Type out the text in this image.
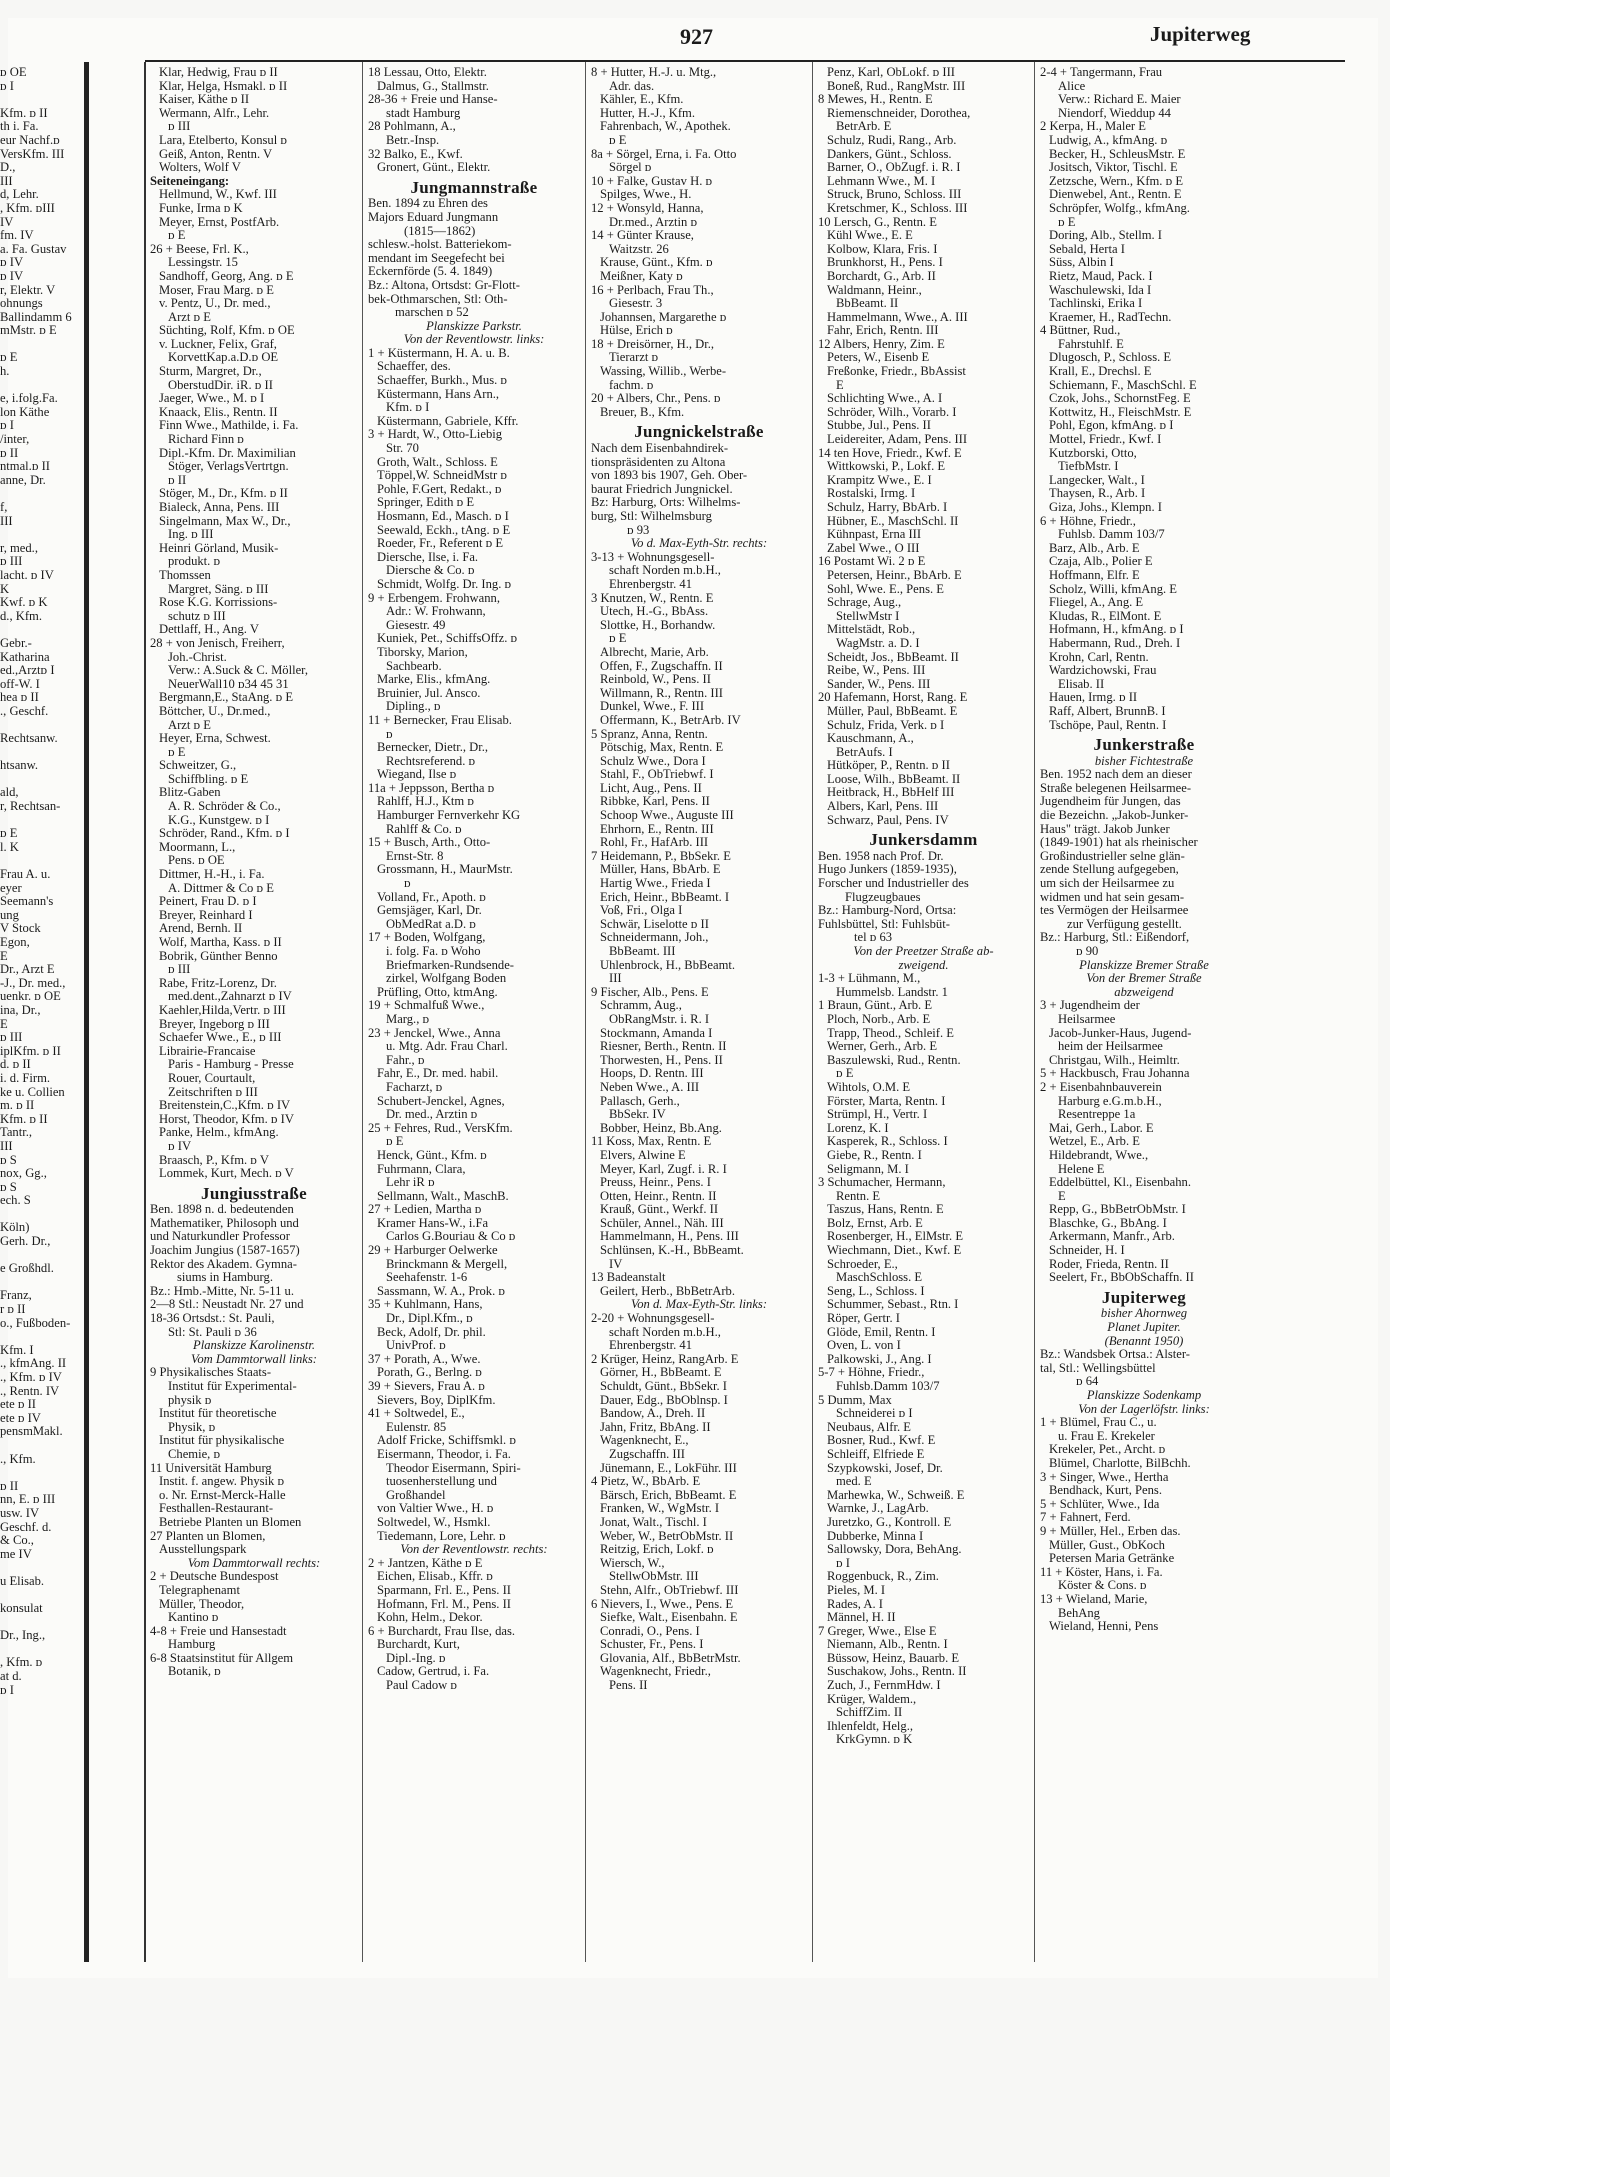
ᴅ OE
ᴅ I

Kfm. ᴅ II
th i. Fa.
eur Nachf.ᴅ
VersKfm. III
D.,
III
d, Lehr.
, Kfm. ᴅIII
IV
fm. IV
a. Fa. Gustav
ᴅ IV
ᴅ IV
r, Elektr. V
ohnungs
Ballindamm 6
mMstr. ᴅ E

ᴅ E
h.

e, i.folg.Fa.
lon Käthe
ᴅ I
/inter,
ᴅ II
ntmal.ᴅ II
anne, Dr.

f,
III

r, med.,
ᴅ III
lacht. ᴅ IV
K
Kwf. ᴅ K
d., Kfm.

Gebr.-
Katharina
ed.,Arztᴅ I
off-W. I
hea ᴅ II
., Geschf.

Rechtsanw.

htsanw.

ald,
r, Rechtsan-

ᴅ E
l. K

Frau A. u.
eyer
Seemann's
ung
V Stock
Egon,
E
Dr., Arzt E
-J., Dr. med.,
uenkr. ᴅ OE
ina, Dr.,
E
ᴅ III
iplKfm. ᴅ II
d. ᴅ II
i. d. Firm.
ke u. Collien
m. ᴅ II
Kfm. ᴅ II
Tantr.,
III
ᴅ S
nox, Gg.,
ᴅ S
ech. S

Köln)
Gerh. Dr.,

e Großhdl.

Franz,
r ᴅ II
o., Fußboden-

Kfm. I
., kfmAng. II
., Kfm. ᴅ IV
., Rentn. IV
ete ᴅ II
ete ᴅ IV
pensmMakl.

., Kfm.

ᴅ II
nn, E. ᴅ III
usw. IV
Geschf. d.
& Co.,
me IV

u Elisab.

konsulat

Dr., Ing.,

, Kfm. ᴅ
at d.
ᴅ I
927	Jupiterweg
Klar, Hedwig, Frau ᴅ II
Klar, Helga, Hsmakl. ᴅ II
Kaiser, Käthe ᴅ II
Wermann, Alfr., Lehr.
ᴅ III
Lara, Etelberto, Konsul ᴅ
Geiß, Anton, Rentn. V
Wolters, Wolf V
Seiteneingang:
Hellmund, W., Kwf. III
Funke, Irma ᴅ K
Meyer, Ernst, PostfArb.
ᴅ E
26 + Beese, Frl. K.,
Lessingstr. 15
Sandhoff, Georg, Ang. ᴅ E
Moser, Frau Marg. ᴅ E
v. Pentz, U., Dr. med.,
Arzt ᴅ E
Süchting, Rolf, Kfm. ᴅ OE
v. Luckner, Felix, Graf,
KorvettKap.a.D.ᴅ OE
Sturm, Margret, Dr.,
OberstudDir. iR. ᴅ II
Jaeger, Wwe., M. ᴅ I
Knaack, Elis., Rentn. II
Finn Wwe., Mathilde, i. Fa.
Richard Finn ᴅ
Dipl.-Kfm. Dr. Maximilian
Stöger, VerlagsVertrtgn.
ᴅ II
Stöger, M., Dr., Kfm. ᴅ II
Bialeck, Anna, Pens. III
Singelmann, Max W., Dr.,
Ing. ᴅ III
Heinri Görland, Musik-
produkt. ᴅ
Thomssen
Margret, Säng. ᴅ III
Rose K.G. Korrissions-
schutz ᴅ III
Dettlaff, H., Ang. V
28 + von Jenisch, Freiherr,
Joh.-Christ.
Verw.: A.Suck & C. Möller,
NeuerWall10 ᴅ34 45 31
Bergmann,E., StaAng. ᴅ E
Böttcher, U., Dr.med.,
Arzt ᴅ E
Heyer, Erna, Schwest.
ᴅ E
Schweitzer, G.,
Schiffbling. ᴅ E
Blitz-Gaben
A. R. Schröder & Co.,
K.G., Kunstgew. ᴅ I
Schröder, Rand., Kfm. ᴅ I
Moormann, L.,
Pens. ᴅ OE
Dittmer, H.-H., i. Fa.
A. Dittmer & Co ᴅ E
Peinert, Frau D. ᴅ I
Breyer, Reinhard I
Arend, Bernh. II
Wolf, Martha, Kass. ᴅ II
Bobrik, Günther Benno
ᴅ III
Rabe, Fritz-Lorenz, Dr.
med.dent.,Zahnarzt ᴅ IV
Kaehler,Hilda,Vertr. ᴅ III
Breyer, Ingeborg ᴅ III
Schaefer Wwe., E., ᴅ III
Librairie-Francaise
Paris - Hamburg - Presse
Rouer, Courtault,
Zeitschriften ᴅ III
Breitenstein,C.,Kfm. ᴅ IV
Horst, Theodor, Kfm. ᴅ IV
Panke, Helm., kfmAng.
ᴅ IV
Braasch, P., Kfm. ᴅ V
Lommek, Kurt, Mech. ᴅ V
Jungiusstraße
Ben. 1898 n. d. bedeutenden
Mathematiker, Philosoph und
und Naturkundler Professor
Joachim Jungius (1587-1657)
Rektor des Akadem. Gymna-
siums in Hamburg.
Bz.: Hmb.-Mitte, Nr. 5-11 u.
2—8 Stl.: Neustadt Nr. 27 und
18-36 Ortsdst.: St. Pauli,
Stl: St. Pauli ᴅ 36
Planskizze Karolinenstr.
Vom Dammtorwall links:
9 Physikalisches Staats-
Institut für Experimental-
physik ᴅ
Institut für theoretische
Physik, ᴅ
Institut für physikalische
Chemie, ᴅ
11 Universität Hamburg
Instit. f. angew. Physik ᴅ
o. Nr. Ernst-Merck-Halle
Festhallen-Restaurant-
Betriebe Planten un Blomen
27 Planten un Blomen,
Ausstellungspark
Vom Dammtorwall rechts:
2 + Deutsche Bundespost
Telegraphenamt
Müller, Theodor,
Kantino ᴅ
4-8 + Freie und Hansestadt
Hamburg
6-8 Staatsinstitut für Allgem
Botanik, ᴅ
18 Lessau, Otto, Elektr.
Dalmus, G., Stallmstr.
28-36 + Freie und Hanse-
stadt Hamburg
28 Pohlmann, A.,
Betr.-Insp.
32 Balko, E., Kwf.
Gronert, Günt., Elektr.
Jungmannstraße
Ben. 1894 zu Ehren des
Majors Eduard Jungmann
(1815—1862)
schlesw.-holst. Batteriekom-
mendant im Seegefecht bei
Eckernförde (5. 4. 1849)
Bz.: Altona, Ortsdst: Gr-Flott-
bek-Othmarschen, Stl: Oth-
marschen ᴅ 52
Planskizze Parkstr.
Von der Reventlowstr. links:
1 + Küstermann, H. A. u. B.
Schaeffer, des.
Schaeffer, Burkh., Mus. ᴅ
Küstermann, Hans Arn.,
Kfm. ᴅ I
Küstermann, Gabriele, Kffr.
3 + Hardt, W., Otto-Liebig
Str. 70
Groth, Walt., Schloss. E
Töppel,W. SchneidMstr ᴅ
Pohle, F.Gert, Redakt., ᴅ
Springer, Edith ᴅ E
Hosmann, Ed., Masch. ᴅ I
Seewald, Eckh., tAng. ᴅ E
Roeder, Fr., Referent ᴅ E
Diersche, Ilse, i. Fa.
Diersche & Co. ᴅ
Schmidt, Wolfg. Dr. Ing. ᴅ
9 + Erbengem. Frohwann,
Adr.: W. Frohwann,
Giesestr. 49
Kuniek, Pet., SchiffsOffz. ᴅ
Tiborsky, Marion,
Sachbearb.
Marke, Elis., kfmAng.
Bruinier, Jul. Ansco.
Dipling., ᴅ
11 + Bernecker, Frau Elisab.
ᴅ
Bernecker, Dietr., Dr.,
Rechtsreferend. ᴅ
Wiegand, Ilse ᴅ
11a + Jeppsson, Bertha ᴅ
Rahlff, H.J., Ktm ᴅ
Hamburger Fernverkehr KG
Rahlff & Co. ᴅ
15 + Busch, Arth., Otto-
Ernst-Str. 8
Grossmann, H., MaurMstr.
ᴅ
Volland, Fr., Apoth. ᴅ
Gemsjäger, Karl, Dr.
ObMedRat a.D. ᴅ
17 + Boden, Wolfgang,
i. folg. Fa. ᴅ Woho
Briefmarken-Rundsende-
zirkel, Wolfgang Boden
Prüfling, Otto, ktmAng.
19 + Schmalfuß Wwe.,
Marg., ᴅ
23 + Jenckel, Wwe., Anna
u. Mtg. Adr. Frau Charl.
Fahr., ᴅ
Fahr, E., Dr. med. habil.
Facharzt, ᴅ
Schubert-Jenckel, Agnes,
Dr. med., Arztin ᴅ
25 + Fehres, Rud., VersKfm.
ᴅ E
Henck, Günt., Kfm. ᴅ
Fuhrmann, Clara,
Lehr iR ᴅ
Sellmann, Walt., MaschB.
27 + Ledien, Martha ᴅ
Kramer Hans-W., i.Fa
Carlos G.Bouriau & Co ᴅ
29 + Harburger Oelwerke
Brinckmann & Mergell,
Seehafenstr. 1-6
Sassmann, W. A., Prok. ᴅ
35 + Kuhlmann, Hans,
Dr., Dipl.Kfm., ᴅ
Beck, Adolf, Dr. phil.
UnivProf. ᴅ
37 + Porath, A., Wwe.
Porath, G., Berlng. ᴅ
39 + Sievers, Frau A. ᴅ
Sievers, Boy, DiplKfm.
41 + Soltwedel, E.,
Eulenstr. 85
Adolf Fricke, Schiffsmkl. ᴅ
Eisermann, Theodor, i. Fa.
Theodor Eisermann, Spiri-
tuosenherstellung und
Großhandel
von Valtier Wwe., H. ᴅ
Soltwedel, W., Hsmkl.
Tiedemann, Lore, Lehr. ᴅ
Von der Reventlowstr. rechts:
2 + Jantzen, Käthe ᴅ E
Eichen, Elisab., Kffr. ᴅ
Sparmann, Frl. E., Pens. II
Hofmann, Frl. M., Pens. II
Kohn, Helm., Dekor.
6 + Burchardt, Frau Ilse, das.
Burchardt, Kurt,
Dipl.-Ing. ᴅ
Cadow, Gertrud, i. Fa.
Paul Cadow ᴅ
8 + Hutter, H.-J. u. Mtg.,
Adr. das.
Kähler, E., Kfm.
Hutter, H.-J., Kfm.
Fahrenbach, W., Apothek.
ᴅ E
8a + Sörgel, Erna, i. Fa. Otto
Sörgel ᴅ
10 + Falke, Gustav H. ᴅ
Spilges, Wwe., H.
12 + Wonsyld, Hanna,
Dr.med., Arztin ᴅ
14 + Günter Krause,
Waitzstr. 26
Krause, Günt., Kfm. ᴅ
Meißner, Katy ᴅ
16 + Perlbach, Frau Th.,
Giesestr. 3
Johannsen, Margarethe ᴅ
Hülse, Erich ᴅ
18 + Dreisörner, H., Dr.,
Tierarzt ᴅ
Wassing, Willib., Werbe-
fachm. ᴅ
20 + Albers, Chr., Pens. ᴅ
Breuer, B., Kfm.
Jungnickelstraße
Nach dem Eisenbahndirek-
tionspräsidenten zu Altona
von 1893 bis 1907, Geh. Ober-
baurat Friedrich Jungnickel.
Bz: Harburg, Orts: Wilhelms-
burg, Stl: Wilhelmsburg
ᴅ 93
Vo d. Max-Eyth-Str. rechts:
3-13 + Wohnungsgesell-
schaft Norden m.b.H.,
Ehrenbergstr. 41
3 Knutzen, W., Rentn. E
Utech, H.-G., BbAss.
Slottke, H., Borhandw.
ᴅ E
Albrecht, Marie, Arb.
Offen, F., Zugschaffn. II
Reinbold, W., Pens. II
Willmann, R., Rentn. III
Dunkel, Wwe., F. III
Offermann, K., BetrArb. IV
5 Spranz, Anna, Rentn.
Pötschig, Max, Rentn. E
Schulz Wwe., Dora I
Stahl, F., ObTriebwf. I
Licht, Aug., Pens. II
Ribbke, Karl, Pens. II
Schoop Wwe., Auguste III
Ehrhorn, E., Rentn. III
Rohl, Fr., HafArb. III
7 Heidemann, P., BbSekr. E
Müller, Hans, BbArb. E
Hartig Wwe., Frieda I
Erich, Heinr., BbBeamt. I
Voß, Fri., Olga I
Schwär, Liselotte ᴅ II
Schneidermann, Joh.,
BbBeamt. III
Uhlenbrock, H., BbBeamt.
III
9 Fischer, Alb., Pens. E
Schramm, Aug.,
ObRangMstr. i. R. I
Stockmann, Amanda I
Riesner, Berth., Rentn. II
Thorwesten, H., Pens. II
Hoops, D. Rentn. III
Neben Wwe., A. III
Pallasch, Gerh.,
BbSekr. IV
Bobber, Heinz, Bb.Ang.
11 Koss, Max, Rentn. E
Elvers, Alwine E
Meyer, Karl, Zugf. i. R. I
Preuss, Heinr., Pens. I
Otten, Heinr., Rentn. II
Krauß, Günt., Werkf. II
Schüler, Annel., Näh. III
Hammelmann, H., Pens. III
Schlünsen, K.-H., BbBeamt.
IV
13 Badeanstalt
Geilert, Herb., BbBetrArb.
Von d. Max-Eyth-Str. links:
2-20 + Wohnungsgesell-
schaft Norden m.b.H.,
Ehrenbergstr. 41
2 Krüger, Heinz, RangArb. E
Görner, H., BbBeamt. E
Schuldt, Günt., BbSekr. I
Dauer, Edg., BbOblnsp. I
Bandow, A., Dreh. II
Jahn, Fritz, BbAng. II
Wagenknecht, E.,
Zugschaffn. III
Jünemann, E., LokFühr. III
4 Pietz, W., BbArb. E
Bärsch, Erich, BbBeamt. E
Franken, W., WgMstr. I
Jonat, Walt., Tischl. I
Weber, W., BetrObMstr. II
Reitzig, Erich, Lokf. ᴅ
Wiersch, W.,
StellwObMstr. III
Stehn, Alfr., ObTriebwf. III
6 Nievers, I., Wwe., Pens. E
Siefke, Walt., Eisenbahn. E
Conradi, O., Pens. I
Schuster, Fr., Pens. I
Glovania, Alf., BbBetrMstr.
Wagenknecht, Friedr.,
Pens. II
Penz, Karl, ObLokf. ᴅ III
Boneß, Rud., RangMstr. III
8 Mewes, H., Rentn. E
Riemenschneider, Dorothea,
BetrArb. E
Schulz, Rudi, Rang., Arb.
Dankers, Günt., Schloss.
Barner, O., ObZugf. i. R. I
Lehmann Wwe., M. I
Struck, Bruno, Schloss. III
Kretschmer, K., Schloss. III
10 Lersch, G., Rentn. E
Kühl Wwe., E. E
Kolbow, Klara, Fris. I
Brunkhorst, H., Pens. I
Borchardt, G., Arb. II
Waldmann, Heinr.,
BbBeamt. II
Hammelmann, Wwe., A. III
Fahr, Erich, Rentn. III
12 Albers, Henry, Zim. E
Peters, W., Eisenb E
Freßonke, Friedr., BbAssist
E
Schlichting Wwe., A. I
Schröder, Wilh., Vorarb. I
Stubbe, Jul., Pens. II
Leidereiter, Adam, Pens. III
14 ten Hove, Friedr., Kwf. E
Wittkowski, P., Lokf. E
Krampitz Wwe., E. I
Rostalski, Irmg. I
Schulz, Harry, BbArb. I
Hübner, E., MaschSchl. II
Kühnpast, Erna III
Zabel Wwe., O III
16 Postamt Wi. 2 ᴅ E
Petersen, Heinr., BbArb. E
Sohl, Wwe. E., Pens. E
Schrage, Aug.,
StellwMstr I
Mittelstädt, Rob.,
WagMstr. a. D. I
Scheidt, Jos., BbBeamt. II
Reibe, W., Pens. III
Sander, W., Pens. III
20 Hafemann, Horst, Rang. E
Müller, Paul, BbBeamt. E
Schulz, Frida, Verk. ᴅ I
Kauschmann, A.,
BetrAufs. I
Hütköper, P., Rentn. ᴅ II
Loose, Wilh., BbBeamt. II
Heitbrack, H., BbHelf III
Albers, Karl, Pens. III
Schwarz, Paul, Pens. IV
Junkersdamm
Ben. 1958 nach Prof. Dr.
Hugo Junkers (1859-1935),
Forscher und Industrieller des
Flugzeugbaues
Bz.: Hamburg-Nord, Ortsa:
Fuhlsbüttel, Stl: Fuhlsbüt-
tel ᴅ 63
Von der Preetzer Straße ab-
zweigend.
1-3 + Lühmann, M.,
Hummelsb. Landstr. 1
1 Braun, Günt., Arb. E
Ploch, Norb., Arb. E
Trapp, Theod., Schleif. E
Werner, Gerh., Arb. E
Baszulewski, Rud., Rentn.
ᴅ E
Wihtols, O.M. E
Förster, Marta, Rentn. I
Strümpl, H., Vertr. I
Lorenz, K. I
Kasperek, R., Schloss. I
Giebe, R., Rentn. I
Seligmann, M. I
3 Schumacher, Hermann,
Rentn. E
Taszus, Hans, Rentn. E
Bolz, Ernst, Arb. E
Rosenberger, H., ElMstr. E
Wiechmann, Diet., Kwf. E
Schroeder, E.,
MaschSchloss. E
Seng, L., Schloss. I
Schummer, Sebast., Rtn. I
Röper, Gertr. I
Glöde, Emil, Rentn. I
Oven, L. von I
Palkowski, J., Ang. I
5-7 + Höhne, Friedr.,
Fuhlsb.Damm 103/7
5 Dumm, Max
Schneiderei ᴅ I
Neubaus, Alfr. E
Bosner, Rud., Kwf. E
Schleiff, Elfriede E
Szypkowski, Josef, Dr.
med. E
Marhewka, W., Schweiß. E
Warnke, J., LagArb.
Juretzko, G., Kontroll. E
Dubberke, Minna I
Sallowsky, Dora, BehAng.
ᴅ I
Roggenbuck, R., Zim.
Pieles, M. I
Rades, A. I
Männel, H. II
7 Greger, Wwe., Else E
Niemann, Alb., Rentn. I
Büssow, Heinz, Bauarb. E
Suschakow, Johs., Rentn. II
Zuch, J., FernmHdw. I
Krüger, Waldem.,
SchiffZim. II
Ihlenfeldt, Helg.,
KrkGymn. ᴅ K
2-4 + Tangermann, Frau
Alice
Verw.: Richard E. Maier
Niendorf, Wieddup 44
2 Kerpa, H., Maler E
Ludwig, A., kfmAng. ᴅ
Becker, H., SchleusMstr. E
Jositsch, Viktor, Tischl. E
Zetzsche, Wern., Kfm. ᴅ E
Dienwebel, Ant., Rentn. E
Schröpfer, Wolfg., kfmAng.
ᴅ E
Doring, Alb., Stellm. I
Sebald, Herta I
Süss, Albin I
Rietz, Maud, Pack. I
Waschulewski, Ida I
Tachlinski, Erika I
Kraemer, H., RadTechn.
4 Büttner, Rud.,
Fahrstuhlf. E
Dlugosch, P., Schloss. E
Krall, E., Drechsl. E
Schiemann, F., MaschSchl. E
Czok, Johs., SchornstFeg. E
Kottwitz, H., FleischMstr. E
Pohl, Egon, kfmAng. ᴅ I
Mottel, Friedr., Kwf. I
Kutzborski, Otto,
TiefbMstr. I
Langecker, Walt., I
Thaysen, R., Arb. I
Giza, Johs., Klempn. I
6 + Höhne, Friedr.,
Fuhlsb. Damm 103/7
Barz, Alb., Arb. E
Czaja, Alb., Polier E
Hoffmann, Elfr. E
Scholz, Willi, kfmAng. E
Fliegel, A., Ang. E
Kludas, R., ElMont. E
Hofmann, H., kfmAng. ᴅ I
Habermann, Rud., Dreh. I
Krohn, Carl, Rentn.
Wardzichowski, Frau
Elisab. II
Hauen, Irmg. ᴅ II
Raff, Albert, BrunnB. I
Tschöpe, Paul, Rentn. I
Junkerstraße
bisher Fichtestraße
Ben. 1952 nach dem an dieser
Straße belegenen Heilsarmee-
Jugendheim für Jungen, das
die Bezeichn. „Jakob-Junker-
Haus" trägt. Jakob Junker
(1849-1901) hat als rheinischer
Großindustrieller selne glän-
zende Stellung aufgegeben,
um sich der Heilsarmee zu
widmen und hat sein gesam-
tes Vermögen der Heilsarmee
zur Verfügung gestellt.
Bz.: Harburg, Stl.: Eißendorf,
ᴅ 90
Planskizze Bremer Straße
Von der Bremer Straße
abzweigend
3 + Jugendheim der
Heilsarmee
Jacob-Junker-Haus, Jugend-
heim der Heilsarmee
Christgau, Wilh., Heimltr.
5 + Hackbusch, Frau Johanna
2 + Eisenbahnbauverein
Harburg e.G.m.b.H.,
Resentreppe 1a
Mai, Gerh., Labor. E
Wetzel, E., Arb. E
Hildebrandt, Wwe.,
Helene E
Eddelbüttel, Kl., Eisenbahn.
E
Repp, G., BbBetrObMstr. I
Blaschke, G., BbAng. I
Arkermann, Manfr., Arb.
Schneider, H. I
Roder, Frieda, Rentn. II
Seelert, Fr., BbObSchaffn. II
Jupiterweg
bisher Ahornweg
Planet Jupiter.
(Benannt 1950)
Bz.: Wandsbek Ortsa.: Alster-
tal, Stl.: Wellingsbüttel
ᴅ 64
Planskizze Sodenkamp
Von der Lagerlöfstr. links:
1 + Blümel, Frau C., u.
u. Frau E. Krekeler
Krekeler, Pet., Archt. ᴅ
Blümel, Charlotte, BilBchh.
3 + Singer, Wwe., Hertha
Bendhack, Kurt, Pens.
5 + Schlüter, Wwe., Ida
7 + Fahnert, Ferd.
9 + Müller, Hel., Erben das.
Müller, Gust., ObKoch
Petersen Maria Getränke
11 + Köster, Hans, i. Fa.
Köster & Cons. ᴅ
13 + Wieland, Marie,
BehAng
Wieland, Henni, Pens
